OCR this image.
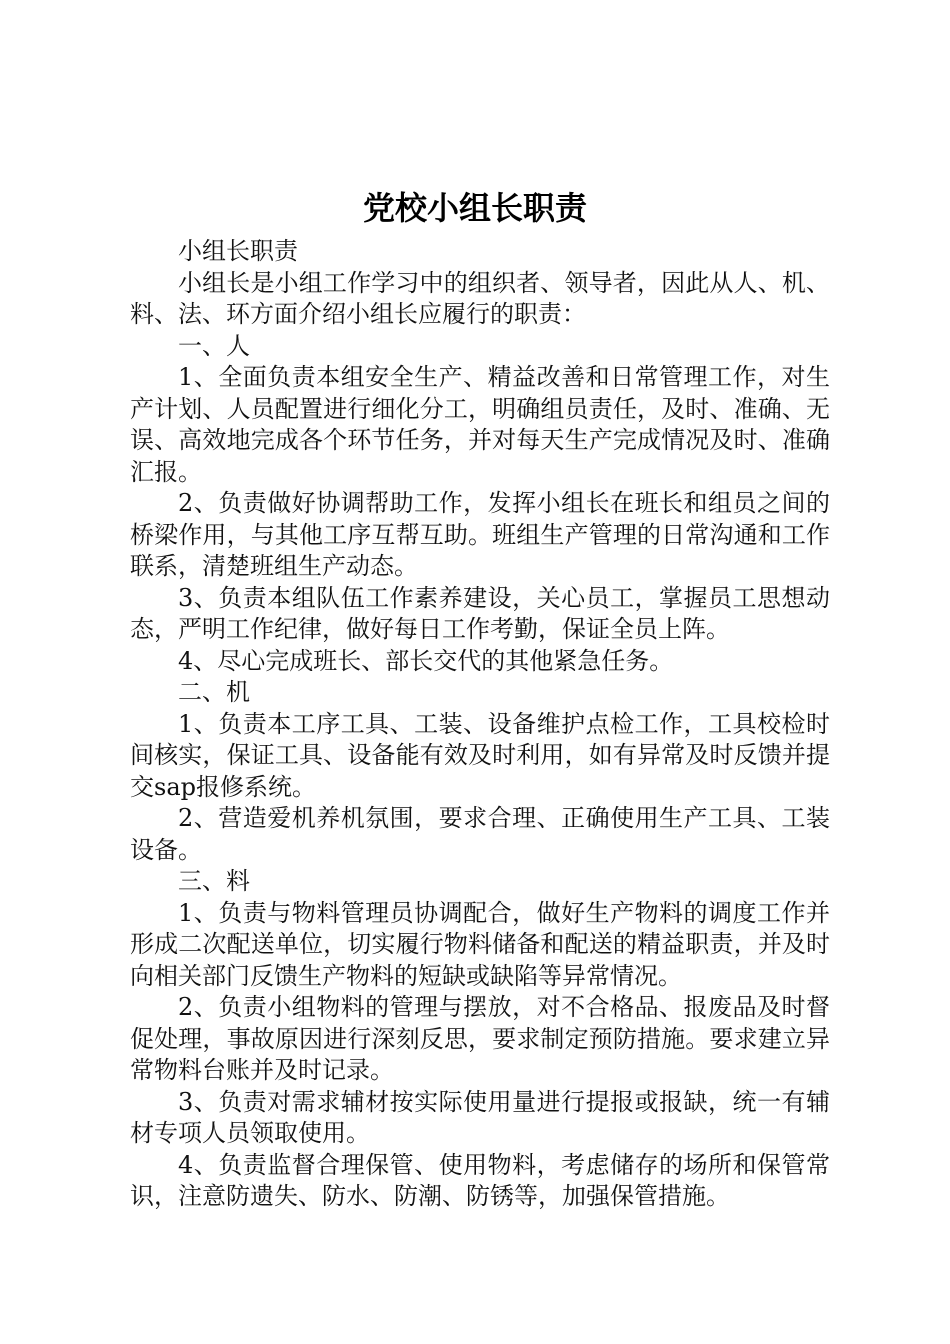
党校小组长职责

小组长职责

小组长是小组工作学习中的组织者、领导者，因此从人、机、料、法、环方面介绍小组长应履行的职责：

一、人

1、全面负责本组安全生产、精益改善和日常管理工作，对生产计划、人员配置进行细化分工，明确组员责任，及时、准确、无误、高效地完成各个环节任务，并对每天生产完成情况及时、准确汇报。

2、负责做好协调帮助工作，发挥小组长在班长和组员之间的桥梁作用，与其他工序互帮互助。班组生产管理的日常沟通和工作联系，清楚班组生产动态。

3、负责本组队伍工作素养建设，关心员工，掌握员工思想动态，严明工作纪律，做好每日工作考勤，保证全员上阵。

4、尽心完成班长、部长交代的其他紧急任务。

二、机

1、负责本工序工具、工装、设备维护点检工作，工具校检时间核实，保证工具、设备能有效及时利用，如有异常及时反馈并提交sap报修系统。

2、营造爱机养机氛围，要求合理、正确使用生产工具、工装设备。

三、料

1、负责与物料管理员协调配合，做好生产物料的调度工作并形成二次配送单位，切实履行物料储备和配送的精益职责，并及时向相关部门反馈生产物料的短缺或缺陷等异常情况。

2、负责小组物料的管理与摆放，对不合格品、报废品及时督促处理，事故原因进行深刻反思，要求制定预防措施。要求建立异常物料台账并及时记录。

3、负责对需求辅材按实际使用量进行提报或报缺，统一有辅材专项人员领取使用。

4、负责监督合理保管、使用物料，考虑储存的场所和保管常识，注意防遗失、防水、防潮、防锈等，加强保管措施。
